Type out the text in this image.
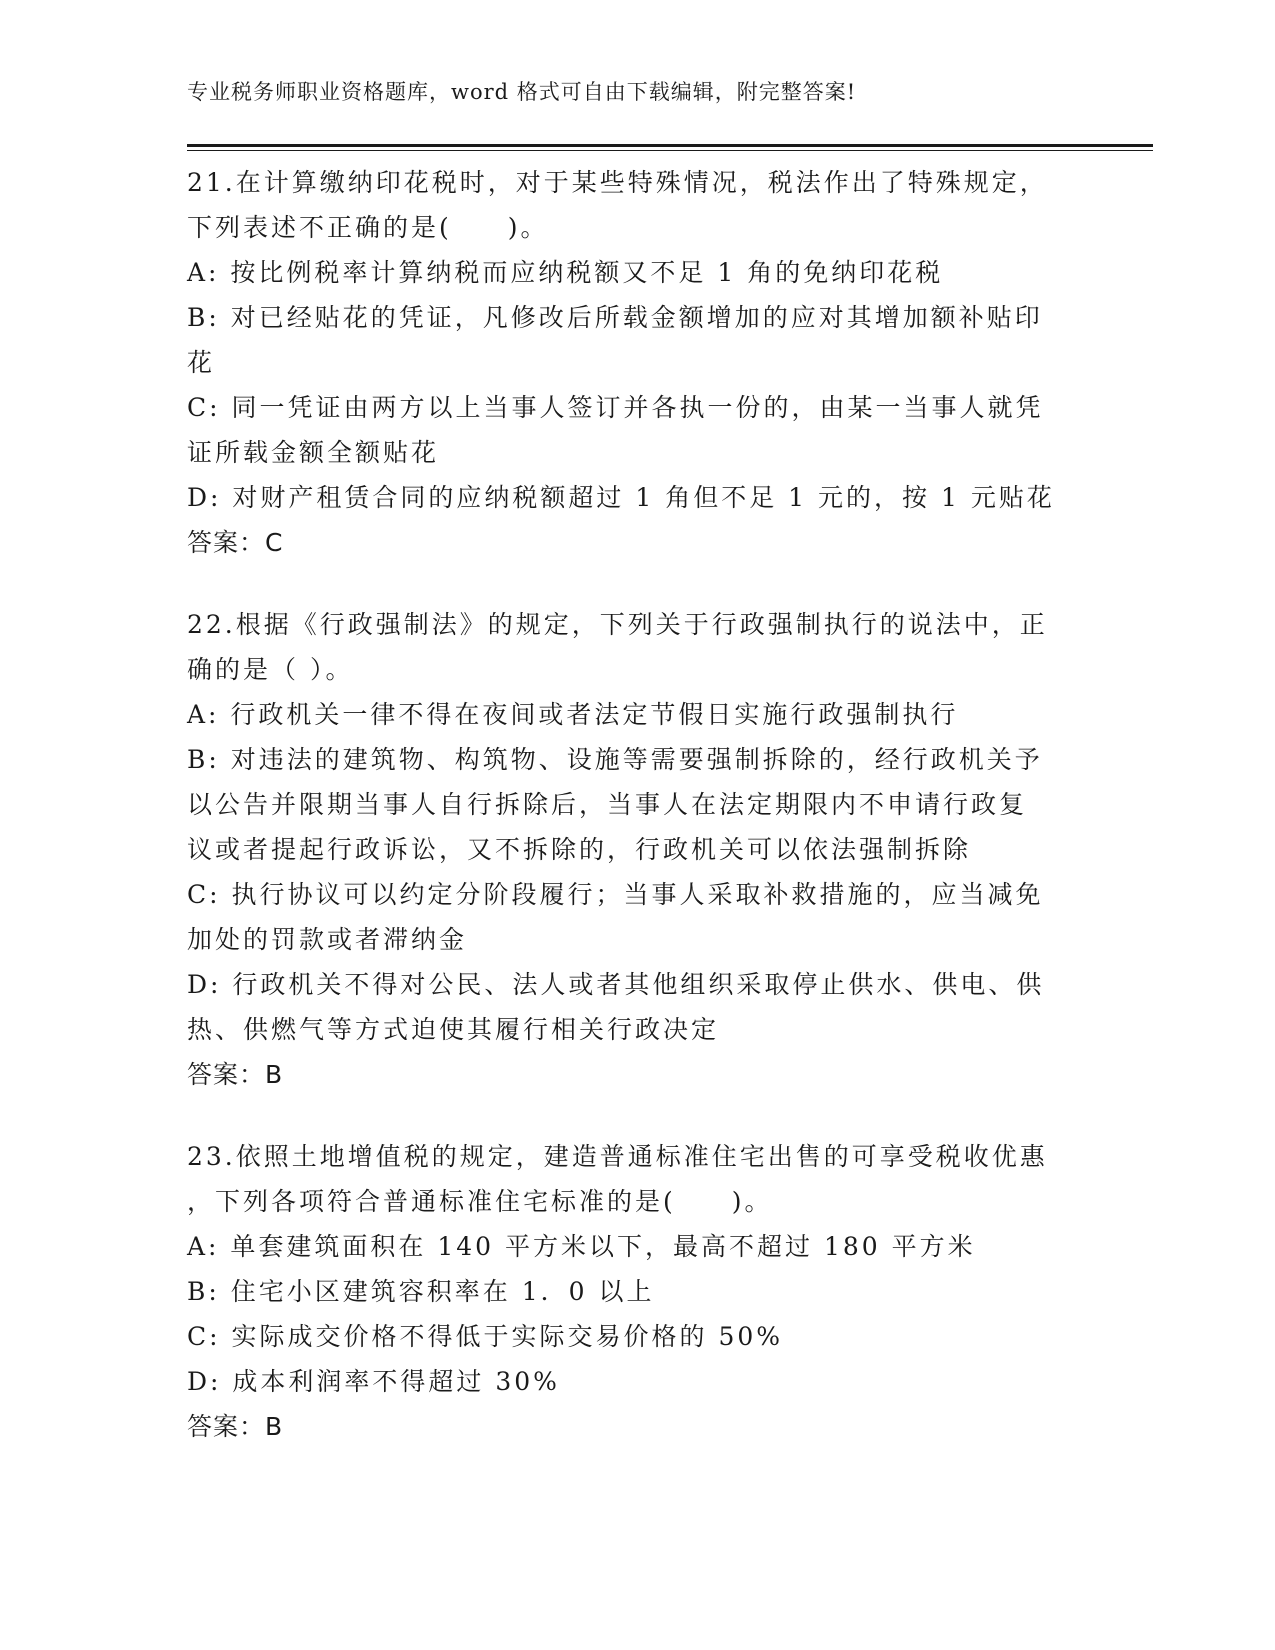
专业税务师职业资格题库，word 格式可自由下载编辑，附完整答案!
21.在计算缴纳印花税时，对于某些特殊情况，税法作出了特殊规定，
下列表述不正确的是(　　)。
A: 按比例税率计算纳税而应纳税额又不足 1 角的免纳印花税
B: 对已经贴花的凭证，凡修改后所载金额增加的应对其增加额补贴印
花
C: 同一凭证由两方以上当事人签订并各执一份的，由某一当事人就凭
证所载金额全额贴花
D: 对财产租赁合同的应纳税额超过 1 角但不足 1 元的，按 1 元贴花
答案：C
22.根据《行政强制法》的规定，下列关于行政强制执行的说法中，正
确的是（ ）。
A: 行政机关一律不得在夜间或者法定节假日实施行政强制执行
B: 对违法的建筑物、构筑物、设施等需要强制拆除的，经行政机关予
以公告并限期当事人自行拆除后，当事人在法定期限内不申请行政复
议或者提起行政诉讼，又不拆除的，行政机关可以依法强制拆除
C: 执行协议可以约定分阶段履行；当事人采取补救措施的，应当减免
加处的罚款或者滞纳金
D: 行政机关不得对公民、法人或者其他组织采取停止供水、供电、供
热、供燃气等方式迫使其履行相关行政决定
答案：B
23.依照土地增值税的规定，建造普通标准住宅出售的可享受税收优惠
，下列各项符合普通标准住宅标准的是(　　)。
A: 单套建筑面积在 140 平方米以下，最高不超过 180 平方米
B: 住宅小区建筑容积率在 1．0 以上
C: 实际成交价格不得低于实际交易价格的 50%
D: 成本利润率不得超过 30%
答案：B
